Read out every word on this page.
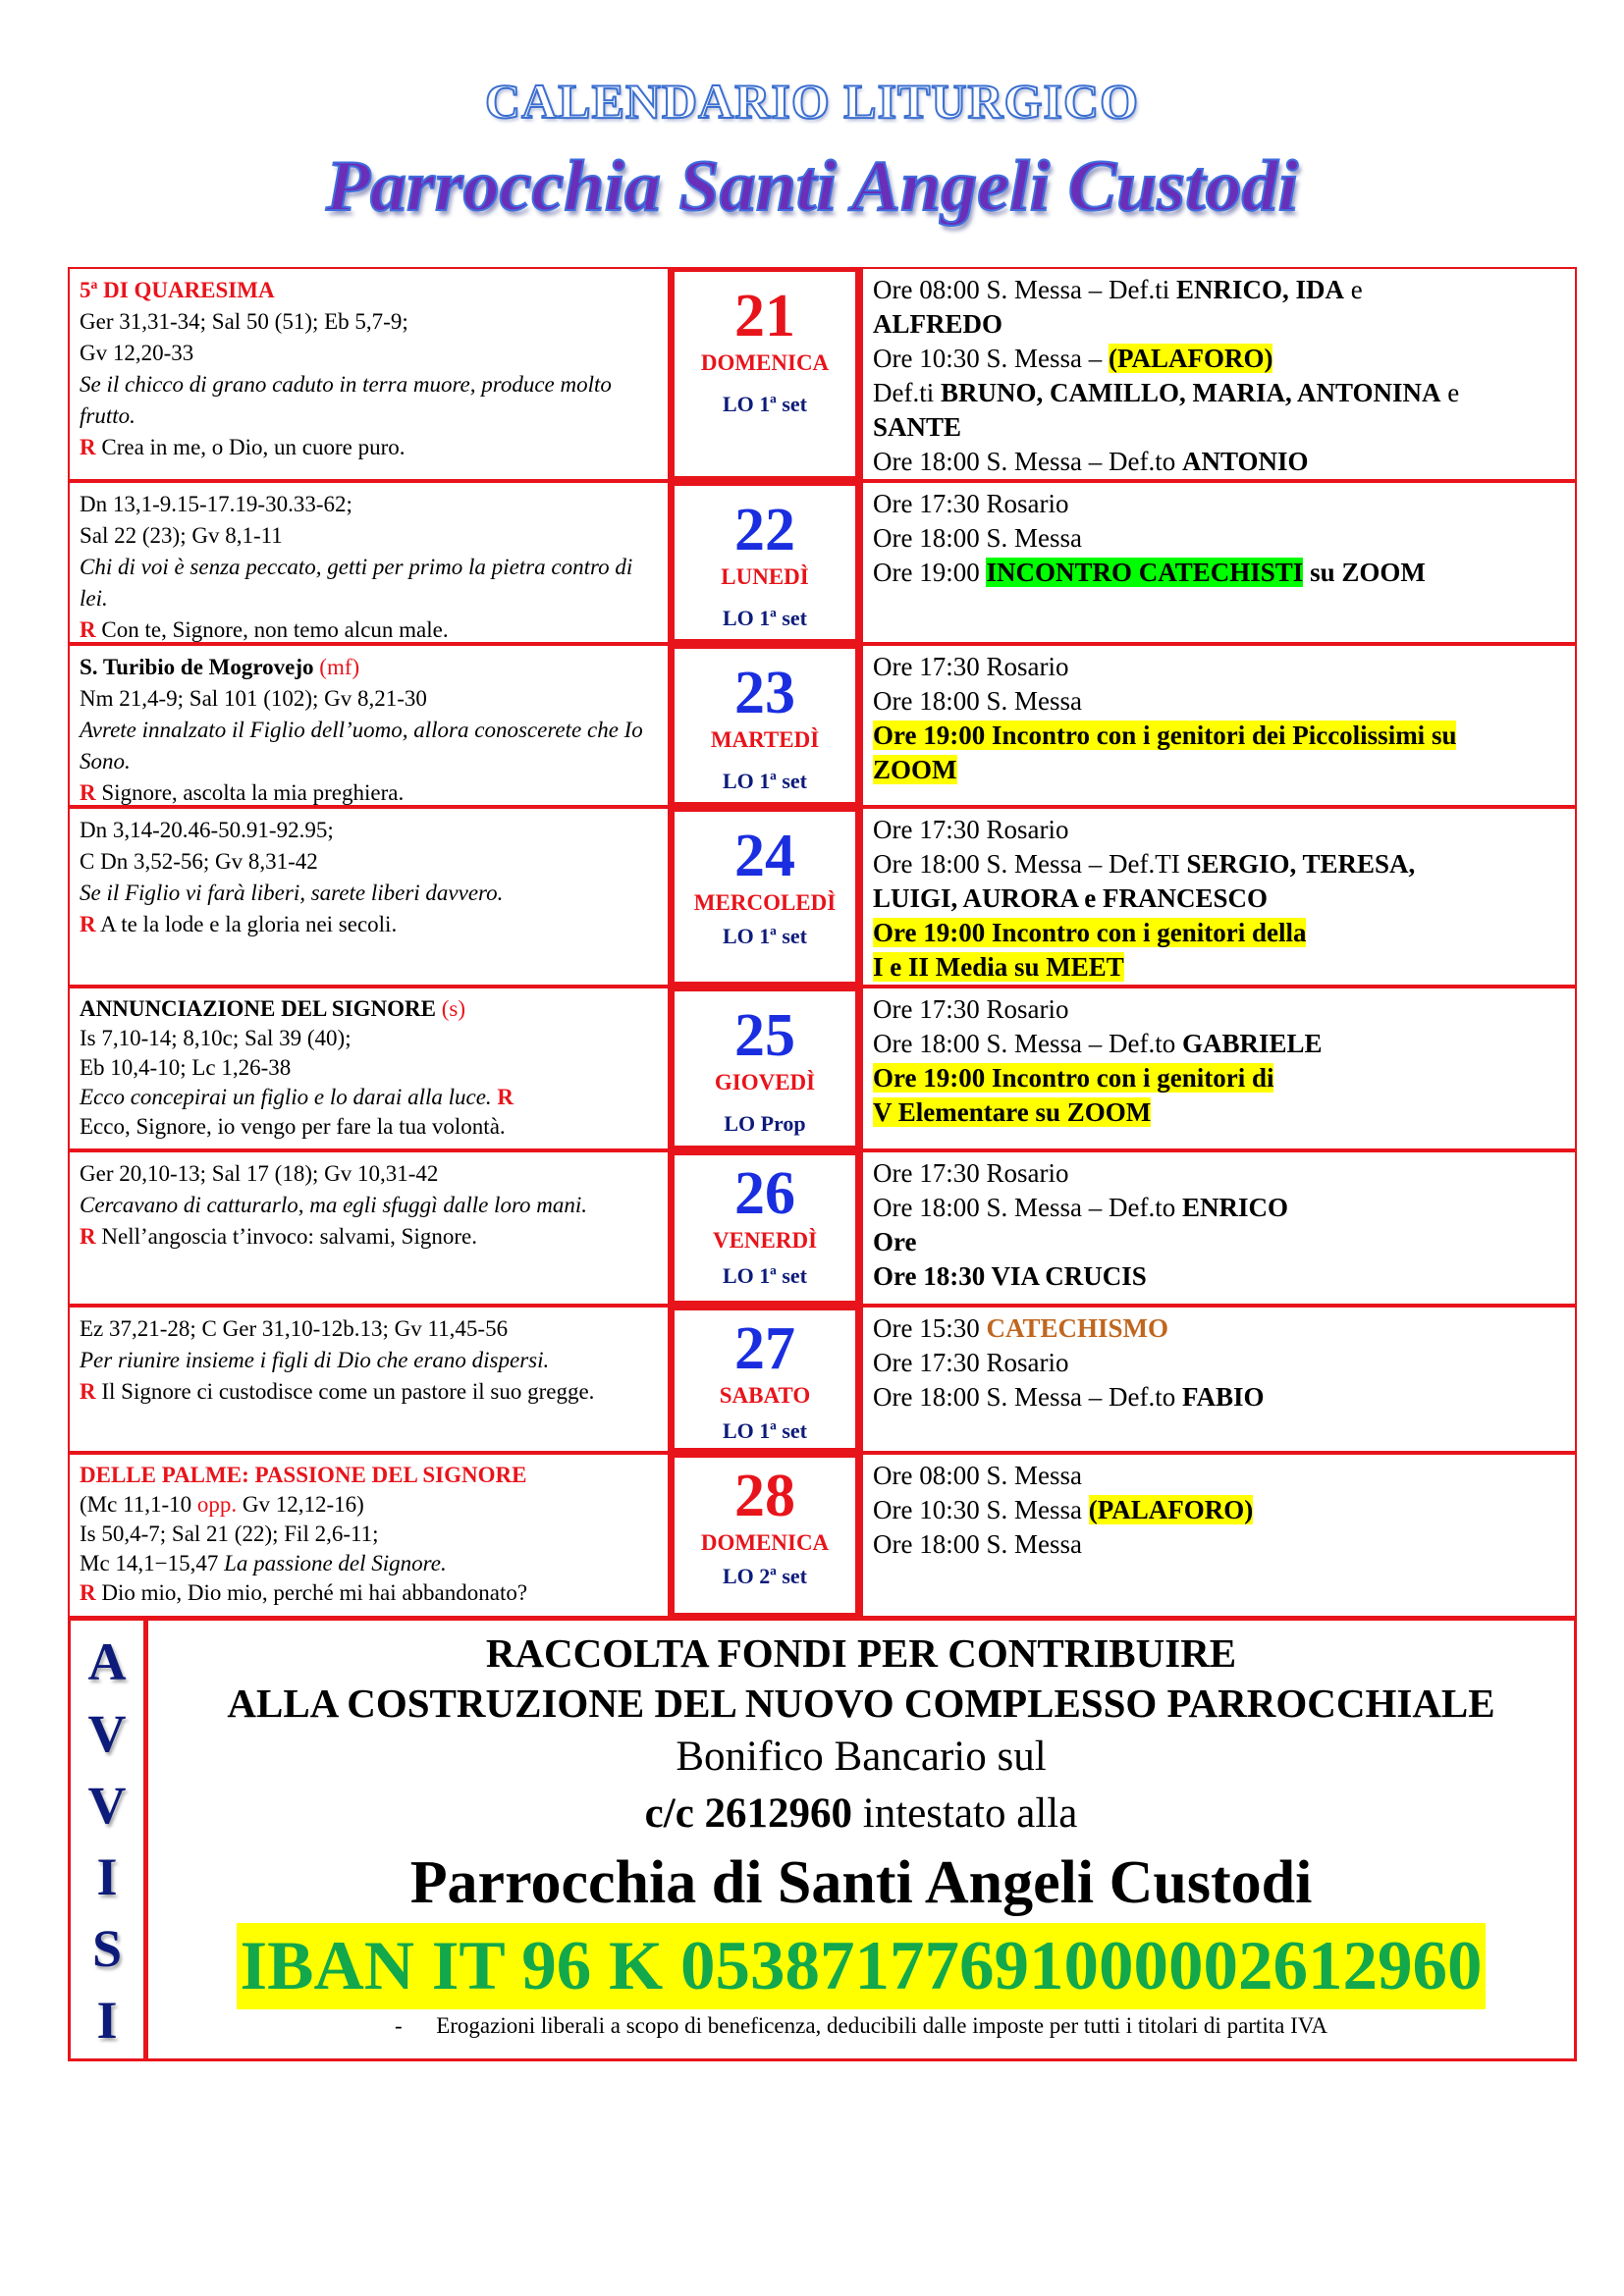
CALENDARIO LITURGICO
Parrocchia Santi Angeli Custodi
5ª DI QUARESIMA
Ger 31,31-34; Sal 50 (51); Eb 5,7-9;
Gv 12,20-33
Se il chicco di grano caduto in terra muore, produce molto frutto.
R Crea in me, o Dio, un cuore puro.
21
DOMENICA
LO 1ª set
Ore 08:00 S. Messa – Def.ti ENRICO, IDA e
ALFREDO
Ore 10:30 S. Messa – (PALAFORO)
Def.ti BRUNO, CAMILLO, MARIA, ANTONINA e
SANTE
Ore 18:00 S. Messa – Def.to ANTONIO
Dn 13,1-9.15-17.19-30.33-62;
Sal 22 (23); Gv 8,1-11
Chi di voi è senza peccato, getti per primo la pietra contro di lei.
R Con te, Signore, non temo alcun male.
22
LUNEDÌ
LO 1ª set
Ore 17:30 Rosario
Ore 18:00 S. Messa
Ore 19:00 INCONTRO CATECHISTI su ZOOM
S. Turibio de Mogrovejo (mf)
Nm 21,4-9; Sal 101 (102); Gv 8,21-30
Avrete innalzato il Figlio dell’uomo, allora conoscerete che Io Sono.
R Signore, ascolta la mia preghiera.
23
MARTEDÌ
LO 1ª set
Ore 17:30 Rosario
Ore 18:00 S. Messa
Ore 19:00 Incontro con i genitori dei Piccolissimi su
ZOOM
Dn 3,14-20.46-50.91-92.95;
C Dn 3,52-56; Gv 8,31-42
Se il Figlio vi farà liberi, sarete liberi davvero.
R A te la lode e la gloria nei secoli.
24
MERCOLEDÌ
LO 1ª set
Ore 17:30 Rosario
Ore 18:00 S. Messa – Def.TI SERGIO, TERESA,
LUIGI, AURORA e FRANCESCO
Ore 19:00 Incontro con i genitori della
I e II Media su MEET
ANNUNCIAZIONE DEL SIGNORE (s)
Is 7,10-14; 8,10c; Sal 39 (40);
Eb 10,4-10; Lc 1,26-38
Ecco concepirai un figlio e lo darai alla luce. R
Ecco, Signore, io vengo per fare la tua volontà.
25
GIOVEDÌ
LO Prop
Ore 17:30 Rosario
Ore 18:00 S. Messa – Def.to GABRIELE
Ore 19:00 Incontro con i genitori di
V Elementare su ZOOM
Ger 20,10-13; Sal 17 (18); Gv 10,31-42
Cercavano di catturarlo, ma egli sfuggì dalle loro mani.
R Nell’angoscia t’invoco: salvami, Signore.
26
VENERDÌ
LO 1ª set
Ore 17:30 Rosario
Ore 18:00 S. Messa – Def.to ENRICO
Ore
Ore 18:30 VIA CRUCIS
Ez 37,21-28; C Ger 31,10-12b.13; Gv 11,45-56
Per riunire insieme i figli di Dio che erano dispersi.
R Il Signore ci custodisce come un pastore il suo gregge.
27
SABATO
LO 1ª set
Ore 15:30 CATECHISMO
Ore 17:30 Rosario
Ore 18:00 S. Messa – Def.to FABIO
DELLE PALME: PASSIONE DEL SIGNORE
(Mc 11,1-10 opp. Gv 12,12-16)
Is 50,4-7; Sal 21 (22); Fil 2,6-11;
Mc 14,1−15,47 La passione del Signore.
R Dio mio, Dio mio, perché mi hai abbandonato?
28
DOMENICA
LO 2ª set
Ore 08:00 S. Messa
Ore 10:30 S. Messa (PALAFORO)
Ore 18:00 S. Messa
A
V
V
I
S
I
RACCOLTA FONDI PER CONTRIBUIRE
ALLA COSTRUZIONE DEL NUOVO COMPLESSO PARROCCHIALE
Bonifico Bancario sul
c/c 2612960 intestato alla
Parrocchia di Santi Angeli Custodi
IBAN IT 96 K 05387177691000002612960
- Erogazioni liberali a scopo di beneficenza, deducibili dalle imposte per tutti i titolari di partita IVA
